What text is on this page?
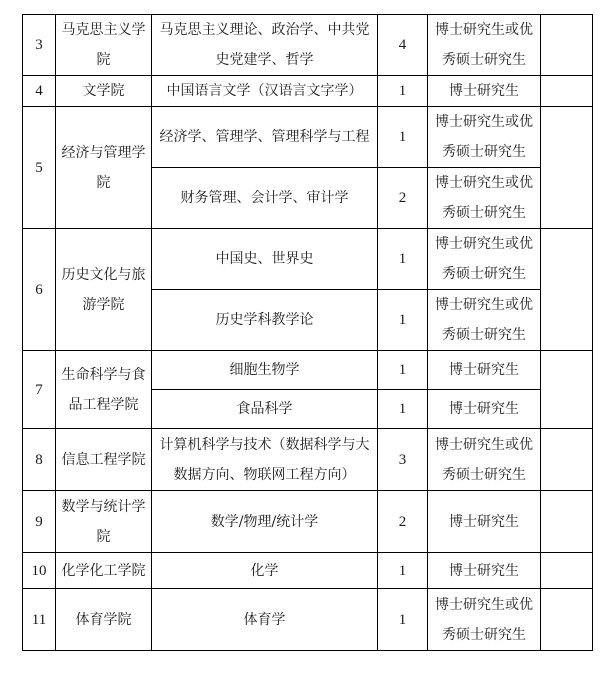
3	马克思主义学院	马克思主义理论、政治学、中共党史党建学、哲学	4	博士研究生或优秀硕士研究生	
4	文学院	中国语言文学（汉语言文字学）	1	博士研究生	
5	经济与管理学院	经济学、管理学、管理科学与工程	1	博士研究生或优秀硕士研究生	
		财务管理、会计学、审计学	2	博士研究生或优秀硕士研究生	
6	历史文化与旅游学院	中国史、世界史	1	博士研究生或优秀硕士研究生	
		历史学科教学论	1	博士研究生或优秀硕士研究生	
7	生命科学与食品工程学院	细胞生物学	1	博士研究生	
		食品科学	1	博士研究生	
8	信息工程学院	计算机科学与技术（数据科学与大数据方向、物联网工程方向）	3	博士研究生或优秀硕士研究生	
9	数学与统计学院	数学/物理/统计学	2	博士研究生	
10	化学化工学院	化学	1	博士研究生	
11	体育学院	体育学	1	博士研究生或优秀硕士研究生	
